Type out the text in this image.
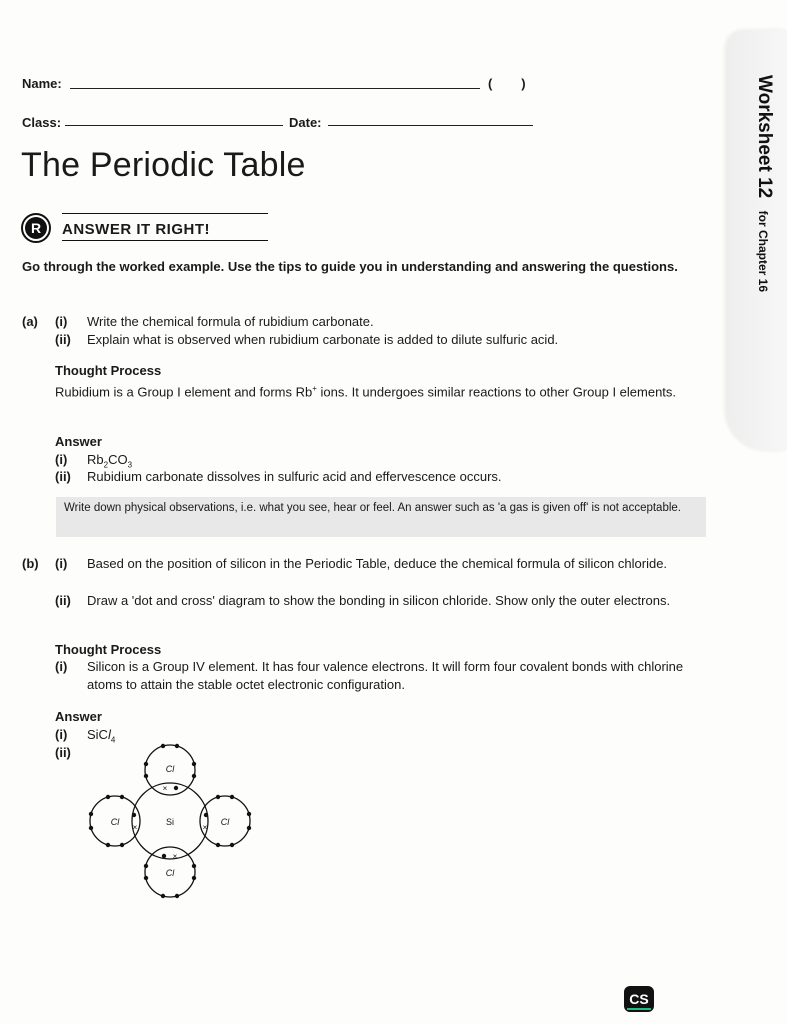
Worksheet 12 for Chapter 16
Name:	(        )
Class:	Date:
The Periodic Table
R	ANSWER IT RIGHT!
Go through the worked example. Use the tips to guide you in understanding and answering the questions.
(a) (i) Write the chemical formula of rubidium carbonate.
(ii) Explain what is observed when rubidium carbonate is added to dilute sulfuric acid.
Thought Process
Rubidium is a Group I element and forms Rb+ ions. It undergoes similar reactions to other Group I elements.
Answer
(i) $Rb_2CO_3$
(ii) Rubidium carbonate dissolves in sulfuric acid and effervescence occurs.
Write down physical observations, i.e. what you see, hear or feel. An answer such as 'a gas is given off' is not acceptable.
(b) (i) Based on the position of silicon in the Periodic Table, deduce the chemical formula of silicon chloride.
(ii) Draw a 'dot and cross' diagram to show the bonding in silicon chloride. Show only the outer electrons.
Thought Process
(i) Silicon is a Group IV element. It has four valence electrons. It will form four covalent bonds with chlorine atoms to attain the stable octet electronic configuration.
Answer
(i) SiCl$_4$
(ii)
Si
Cl
Cl	Cl
Cl
×
×	×
×
CS
